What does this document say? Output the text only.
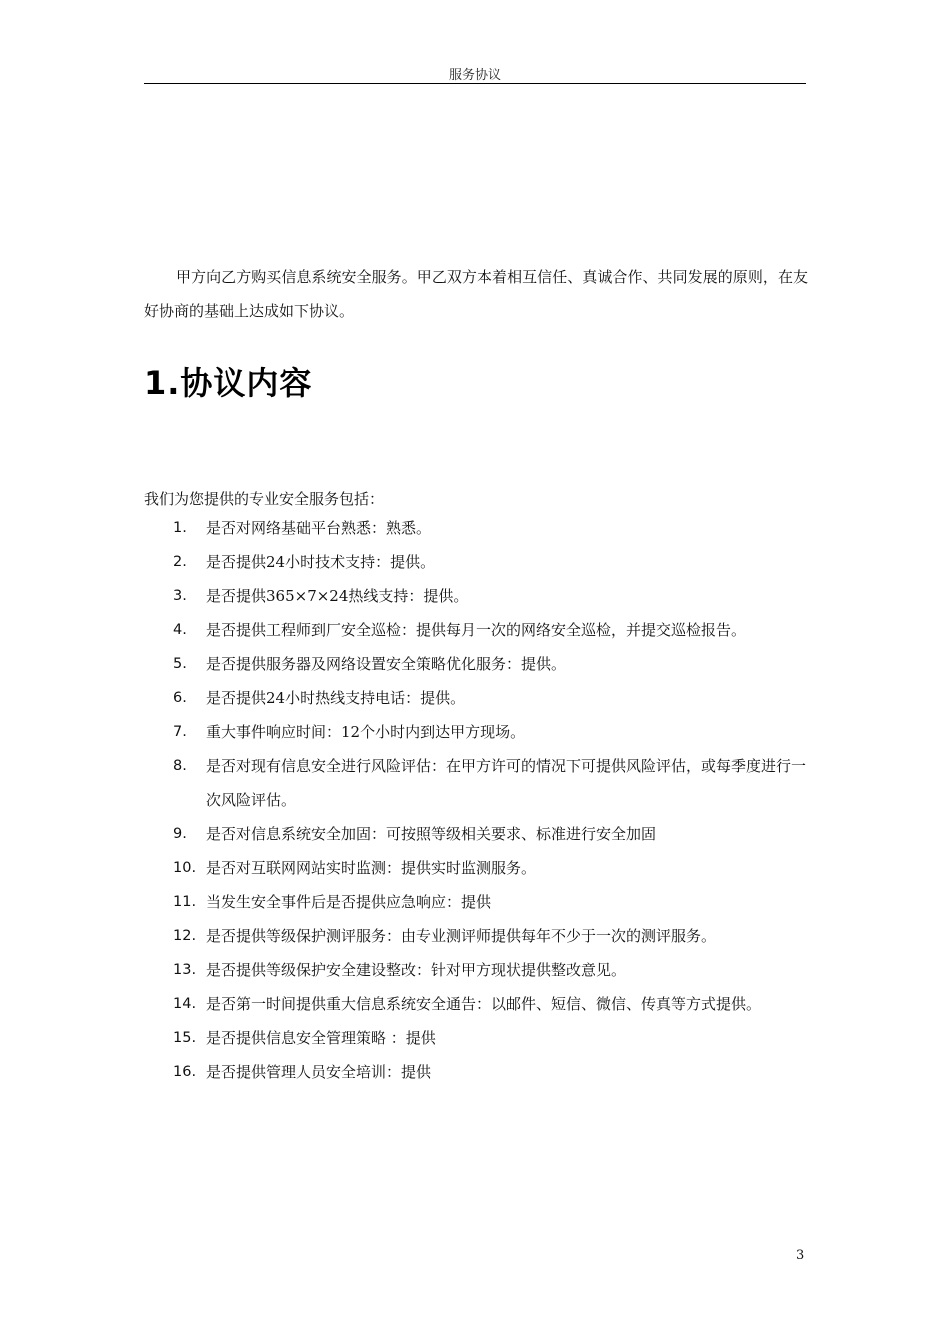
服务协议

甲方向乙方购买信息系统安全服务。甲乙双方本着相互信任、真诚合作、共同发展的原则，在友好协商的基础上达成如下协议。

1.协议内容

我们为您提供的专业安全服务包括：

1.	是否对网络基础平台熟悉：熟悉。
2.	是否提供24小时技术支持：提供。
3.	是否提供365×7×24热线支持：提供。
4.	是否提供工程师到厂安全巡检：提供每月一次的网络安全巡检，并提交巡检报告。
5.	是否提供服务器及网络设置安全策略优化服务：提供。
6.	是否提供24小时热线支持电话：提供。
7.	重大事件响应时间：12个小时内到达甲方现场。
8.	是否对现有信息安全进行风险评估：在甲方许可的情况下可提供风险评估，或每季度进行一次风险评估。
9.	是否对信息系统安全加固：可按照等级相关要求、标准进行安全加固
10. 是否对互联网网站实时监测：提供实时监测服务。
11. 当发生安全事件后是否提供应急响应：提供
12. 是否提供等级保护测评服务：由专业测评师提供每年不少于一次的测评服务。
13. 是否提供等级保护安全建设整改：针对甲方现状提供整改意见。
14. 是否第一时间提供重大信息系统安全通告：以邮件、短信、微信、传真等方式提供。
15. 是否提供信息安全管理策略 ：提供
16. 是否提供管理人员安全培训：提供
3
